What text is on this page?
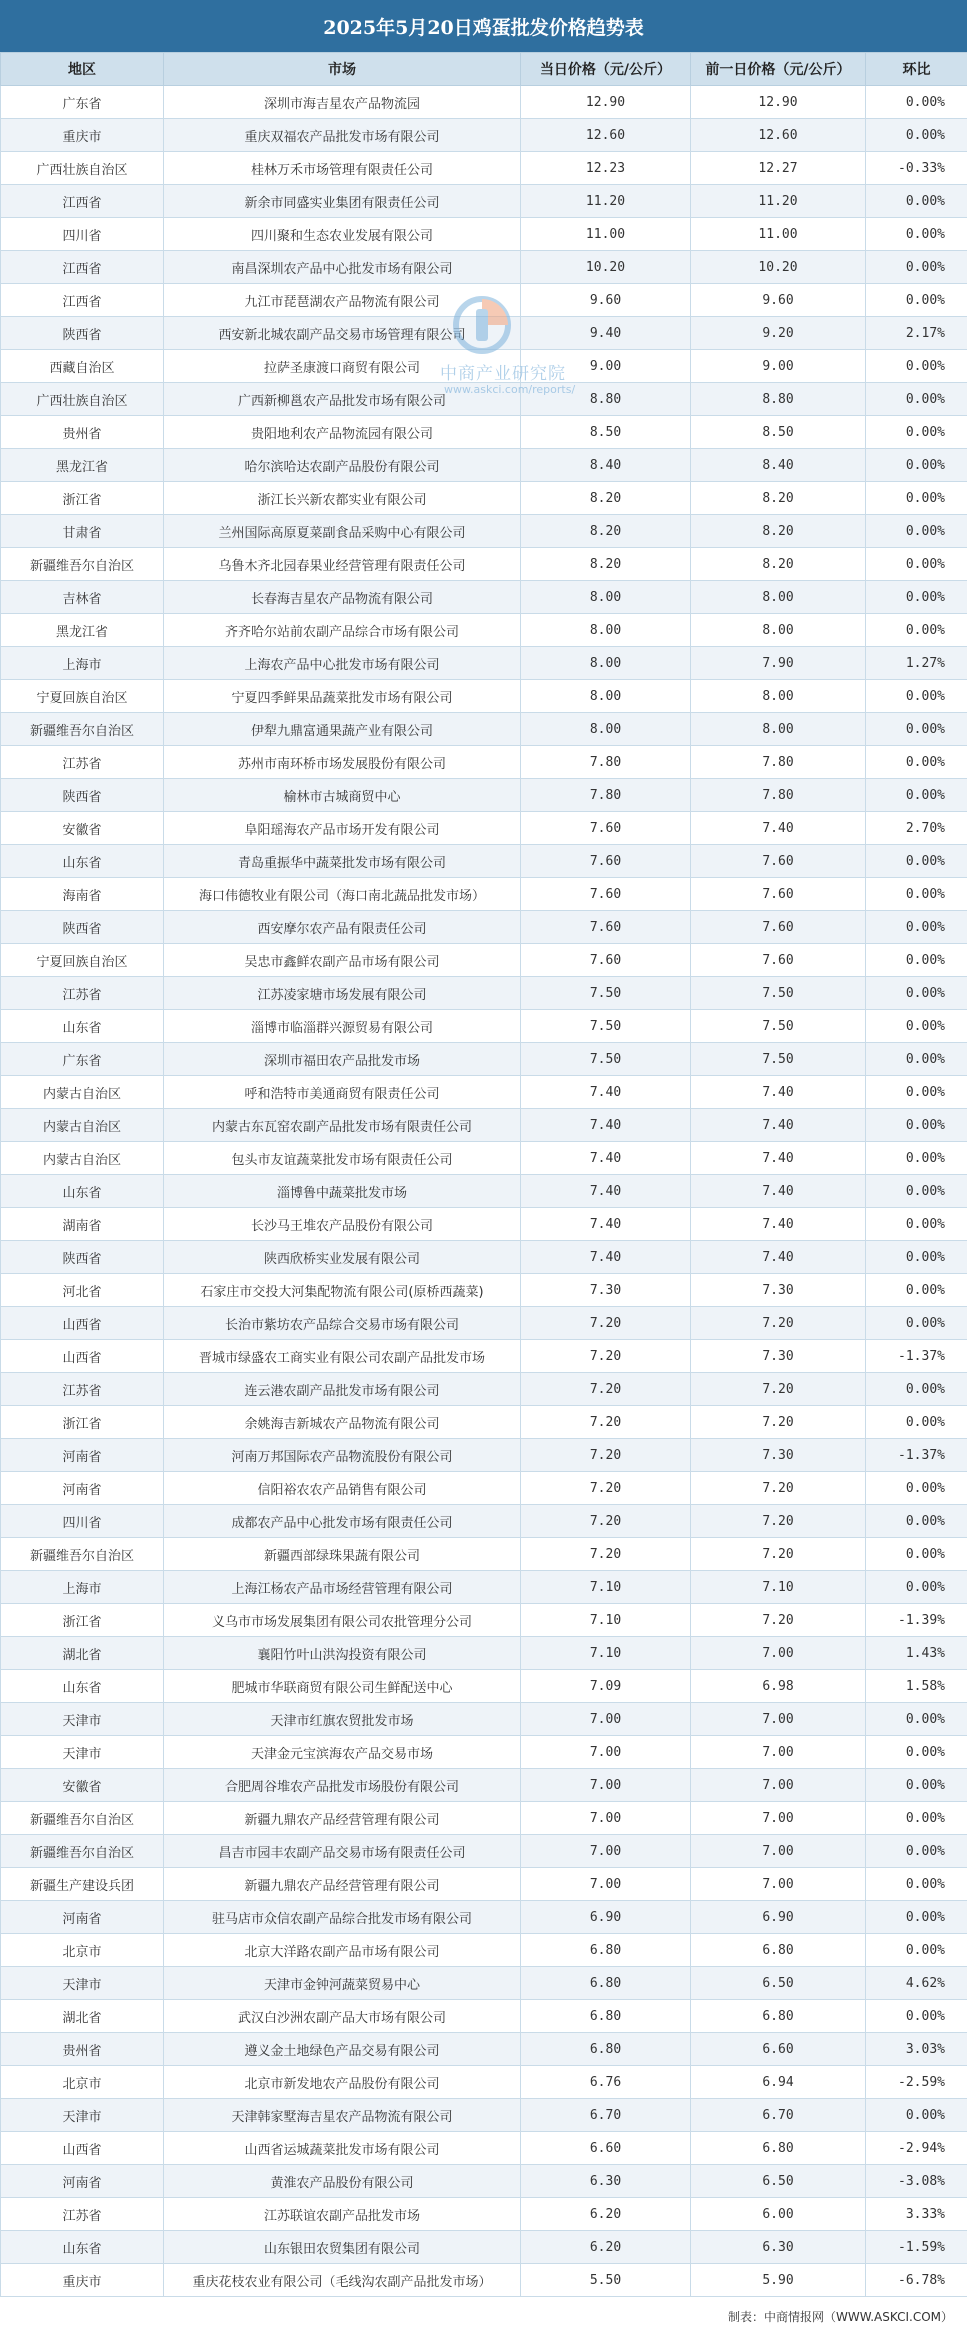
2025年5月20日鸡蛋批发价格趋势表
地区	市场	当日价格（元/公斤）	前一日价格（元/公斤）	环比
广东省	深圳市海吉星农产品物流园	12.90	12.90	0.00%
重庆市	重庆双福农产品批发市场有限公司	12.60	12.60	0.00%
广西壮族自治区	桂林万禾市场管理有限责任公司	12.23	12.27	-0.33%
江西省	新余市同盛实业集团有限责任公司	11.20	11.20	0.00%
四川省	四川聚和生态农业发展有限公司	11.00	11.00	0.00%
江西省	南昌深圳农产品中心批发市场有限公司	10.20	10.20	0.00%
江西省	九江市琵琶湖农产品物流有限公司	9.60	9.60	0.00%
陕西省	西安新北城农副产品交易市场管理有限公司	9.40	9.20	2.17%
西藏自治区	拉萨圣康渡口商贸有限公司	9.00	9.00	0.00%
广西壮族自治区	广西新柳邕农产品批发市场有限公司	8.80	8.80	0.00%
贵州省	贵阳地利农产品物流园有限公司	8.50	8.50	0.00%
黑龙江省	哈尔滨哈达农副产品股份有限公司	8.40	8.40	0.00%
浙江省	浙江长兴新农都实业有限公司	8.20	8.20	0.00%
甘肃省	兰州国际高原夏菜副食品采购中心有限公司	8.20	8.20	0.00%
新疆维吾尔自治区	乌鲁木齐北园春果业经营管理有限责任公司	8.20	8.20	0.00%
吉林省	长春海吉星农产品物流有限公司	8.00	8.00	0.00%
黑龙江省	齐齐哈尔站前农副产品综合市场有限公司	8.00	8.00	0.00%
上海市	上海农产品中心批发市场有限公司	8.00	7.90	1.27%
宁夏回族自治区	宁夏四季鲜果品蔬菜批发市场有限公司	8.00	8.00	0.00%
新疆维吾尔自治区	伊犁九鼎富通果蔬产业有限公司	8.00	8.00	0.00%
江苏省	苏州市南环桥市场发展股份有限公司	7.80	7.80	0.00%
陕西省	榆林市古城商贸中心	7.80	7.80	0.00%
安徽省	阜阳瑶海农产品市场开发有限公司	7.60	7.40	2.70%
山东省	青岛重振华中蔬菜批发市场有限公司	7.60	7.60	0.00%
海南省	海口伟德牧业有限公司（海口南北蔬品批发市场）	7.60	7.60	0.00%
陕西省	西安摩尔农产品有限责任公司	7.60	7.60	0.00%
宁夏回族自治区	吴忠市鑫鲜农副产品市场有限公司	7.60	7.60	0.00%
江苏省	江苏凌家塘市场发展有限公司	7.50	7.50	0.00%
山东省	淄博市临淄群兴源贸易有限公司	7.50	7.50	0.00%
广东省	深圳市福田农产品批发市场	7.50	7.50	0.00%
内蒙古自治区	呼和浩特市美通商贸有限责任公司	7.40	7.40	0.00%
内蒙古自治区	内蒙古东瓦窑农副产品批发市场有限责任公司	7.40	7.40	0.00%
内蒙古自治区	包头市友谊蔬菜批发市场有限责任公司	7.40	7.40	0.00%
山东省	淄博鲁中蔬菜批发市场	7.40	7.40	0.00%
湖南省	长沙马王堆农产品股份有限公司	7.40	7.40	0.00%
陕西省	陕西欣桥实业发展有限公司	7.40	7.40	0.00%
河北省	石家庄市交投大河集配物流有限公司(原桥西蔬菜)	7.30	7.30	0.00%
山西省	长治市紫坊农产品综合交易市场有限公司	7.20	7.20	0.00%
山西省	晋城市绿盛农工商实业有限公司农副产品批发市场	7.20	7.30	-1.37%
江苏省	连云港农副产品批发市场有限公司	7.20	7.20	0.00%
浙江省	余姚海吉新城农产品物流有限公司	7.20	7.20	0.00%
河南省	河南万邦国际农产品物流股份有限公司	7.20	7.30	-1.37%
河南省	信阳裕农农产品销售有限公司	7.20	7.20	0.00%
四川省	成都农产品中心批发市场有限责任公司	7.20	7.20	0.00%
新疆维吾尔自治区	新疆西部绿珠果蔬有限公司	7.20	7.20	0.00%
上海市	上海江杨农产品市场经营管理有限公司	7.10	7.10	0.00%
浙江省	义乌市市场发展集团有限公司农批管理分公司	7.10	7.20	-1.39%
湖北省	襄阳竹叶山洪沟投资有限公司	7.10	7.00	1.43%
山东省	肥城市华联商贸有限公司生鲜配送中心	7.09	6.98	1.58%
天津市	天津市红旗农贸批发市场	7.00	7.00	0.00%
天津市	天津金元宝滨海农产品交易市场	7.00	7.00	0.00%
安徽省	合肥周谷堆农产品批发市场股份有限公司	7.00	7.00	0.00%
新疆维吾尔自治区	新疆九鼎农产品经营管理有限公司	7.00	7.00	0.00%
新疆维吾尔自治区	昌吉市园丰农副产品交易市场有限责任公司	7.00	7.00	0.00%
新疆生产建设兵团	新疆九鼎农产品经营管理有限公司	7.00	7.00	0.00%
河南省	驻马店市众信农副产品综合批发市场有限公司	6.90	6.90	0.00%
北京市	北京大洋路农副产品市场有限公司	6.80	6.80	0.00%
天津市	天津市金钟河蔬菜贸易中心	6.80	6.50	4.62%
湖北省	武汉白沙洲农副产品大市场有限公司	6.80	6.80	0.00%
贵州省	遵义金土地绿色产品交易有限公司	6.80	6.60	3.03%
北京市	北京市新发地农产品股份有限公司	6.76	6.94	-2.59%
天津市	天津韩家墅海吉星农产品物流有限公司	6.70	6.70	0.00%
山西省	山西省运城蔬菜批发市场有限公司	6.60	6.80	-2.94%
河南省	黄淮农产品股份有限公司	6.30	6.50	-3.08%
江苏省	江苏联谊农副产品批发市场	6.20	6.00	3.33%
山东省	山东银田农贸集团有限公司	6.20	6.30	-1.59%
重庆市	重庆花枝农业有限公司（毛线沟农副产品批发市场）	5.50	5.90	-6.78%
中商产业研究院
www.askci.com/reports/
制表：中商情报网（WWW.ASKCI.COM）
